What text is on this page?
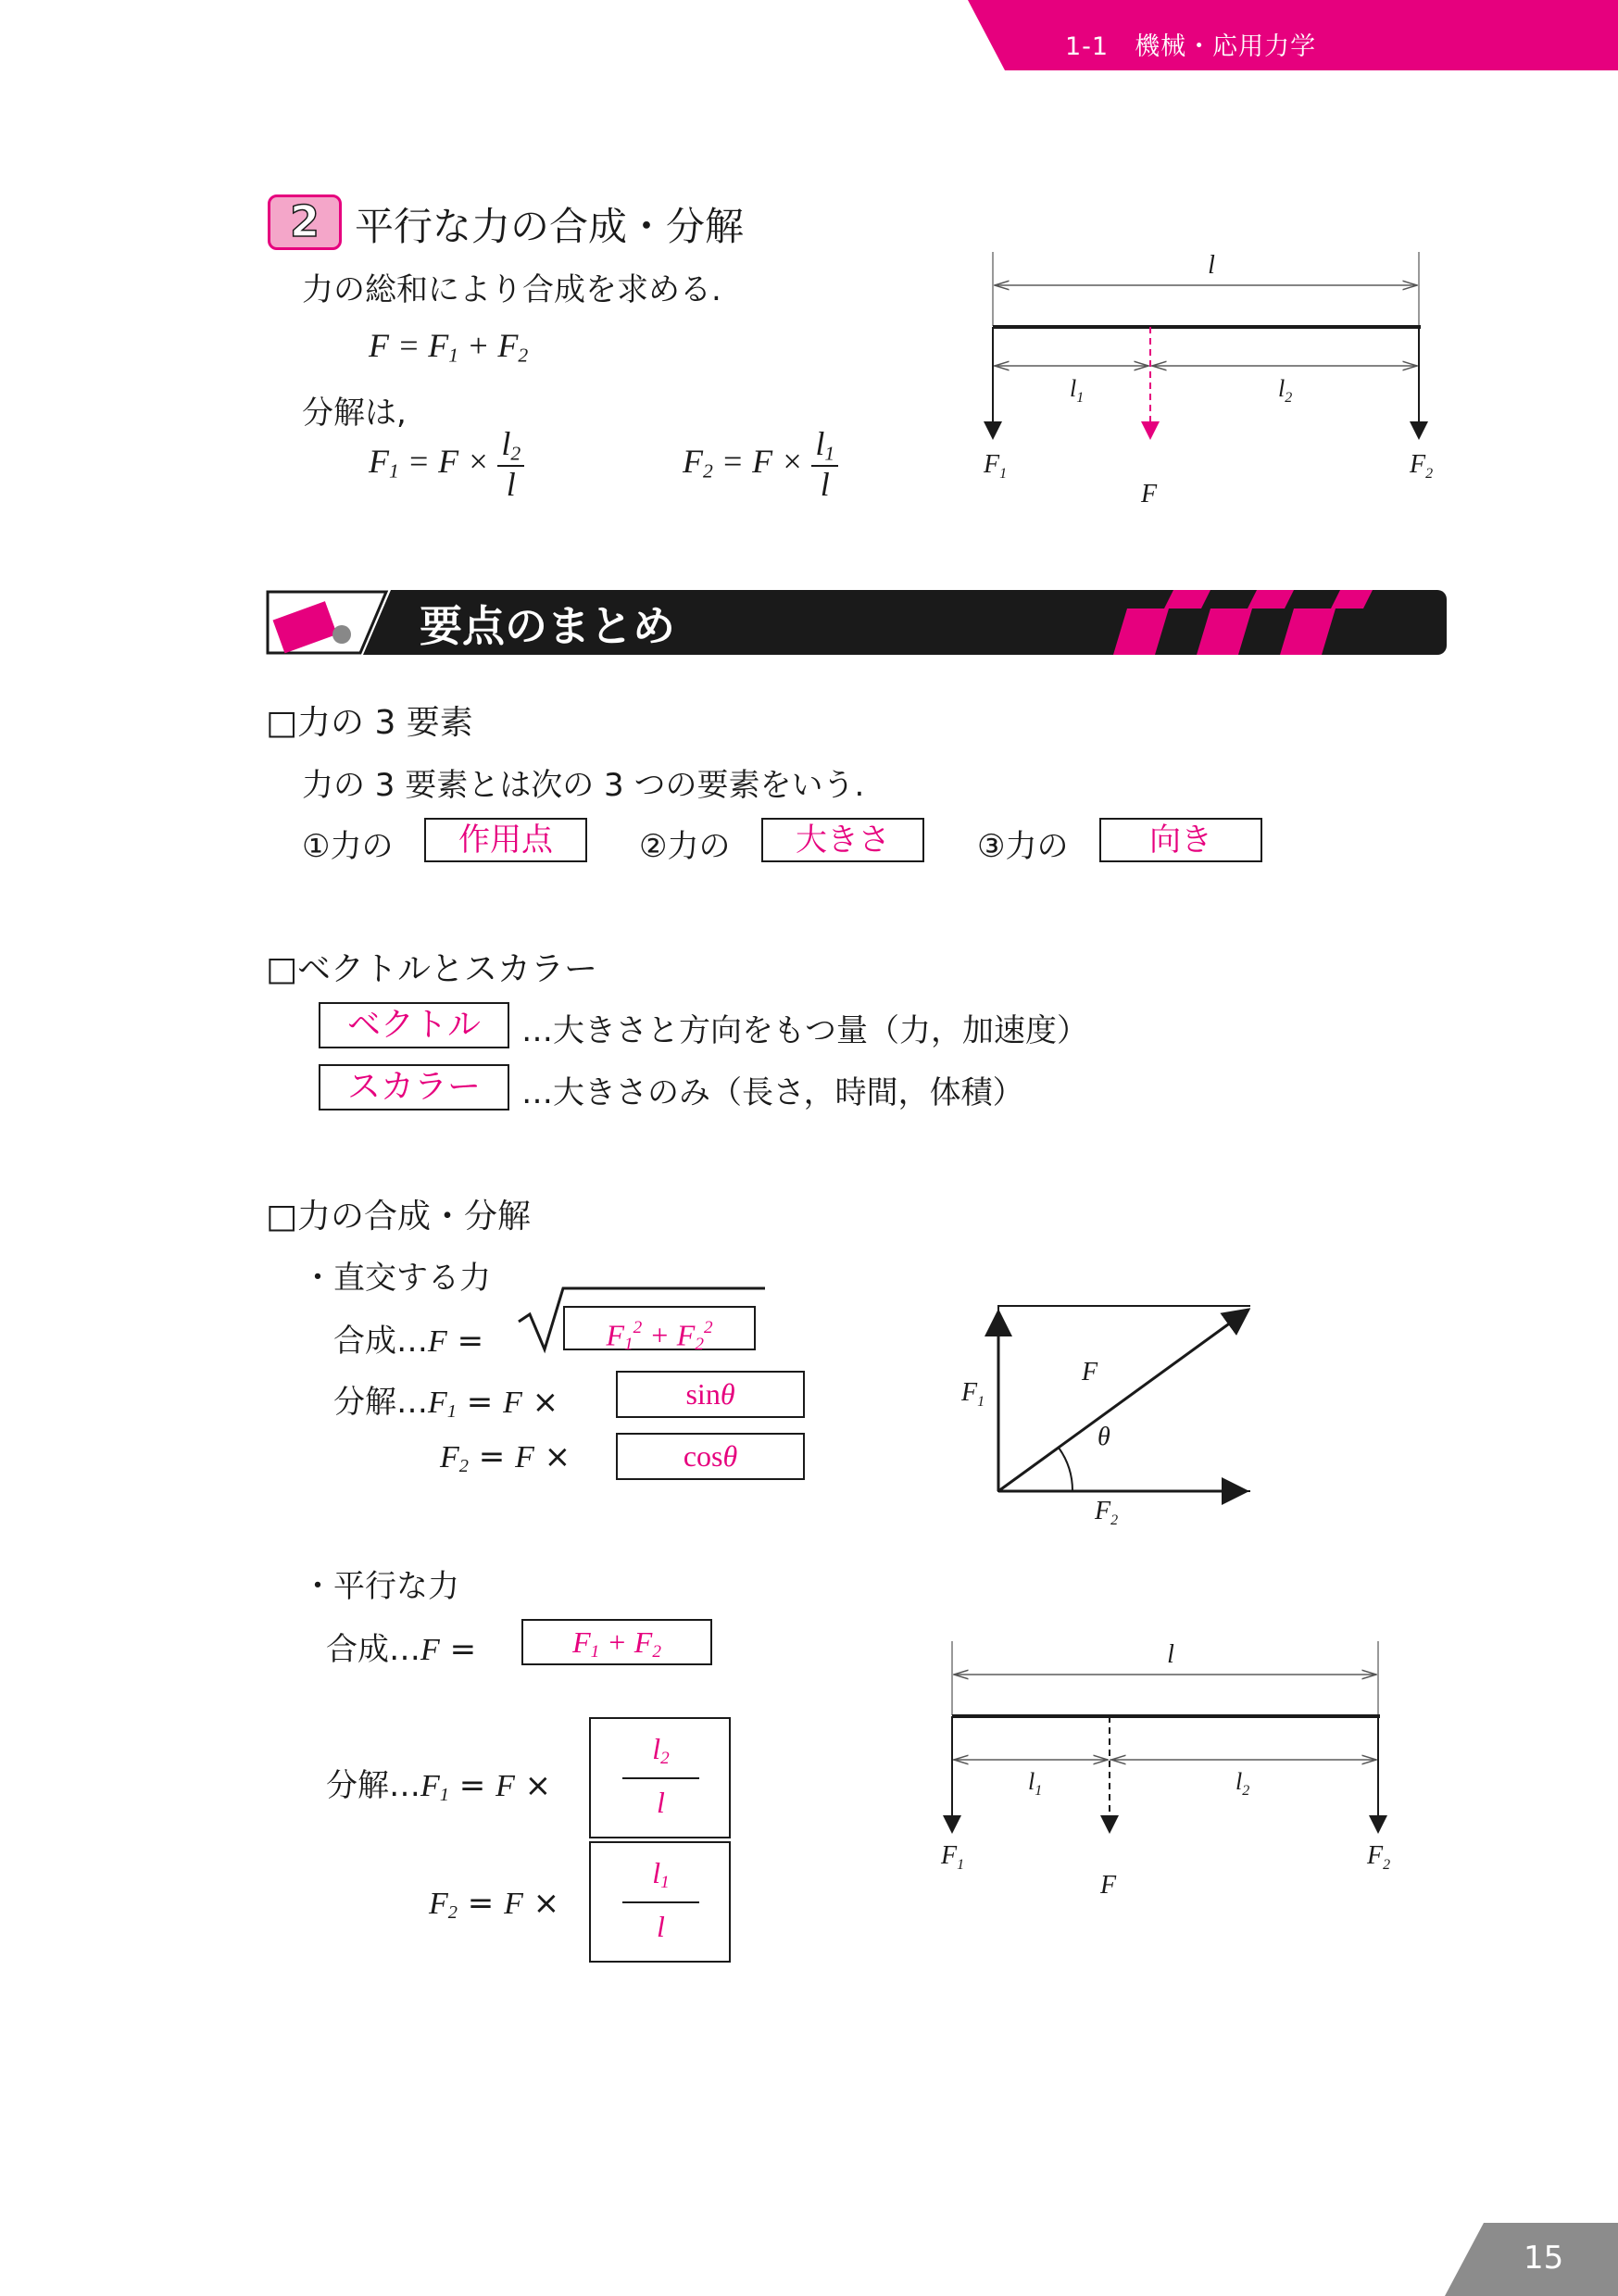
1-1　機械・応用力学
2 平行な力の合成・分解
力の総和により合成を求める.
$F = F_1 + F_2$
分解は,
$F_1 = F \times \frac{l_2}{l}$	$F_2 = F \times \frac{l_1}{l}$
l
$l_1$	$l_2$
$F_1$	$F_2$
F
要点のまとめ
□力の 3 要素
力の 3 要素とは次の 3 つの要素をいう.
①力の	作用点	②力の	大きさ	③力の	向き
□ベクトルとスカラー
ベクトル	…大きさと方向をもつ量（力，加速度）
スカラー	…大きさのみ（長さ，時間，体積）
□力の合成・分解
・直交する力
合成…F =	$F_1^2 + F_2^2$
分解$\dots F_1 = F$ ×	sinθ
$F_2 = F$ ×	cosθ
$F_1$
F
θ
$F_2$
・平行な力
合成…F =	$F_1 + F_2$
分解$\dots F_1 = F$ ×
$l_2$
l
$F_2 = F$ ×
$l_1$
l
l
$l_1$	$l_2$
$F_1$	$F_2$
F
15
